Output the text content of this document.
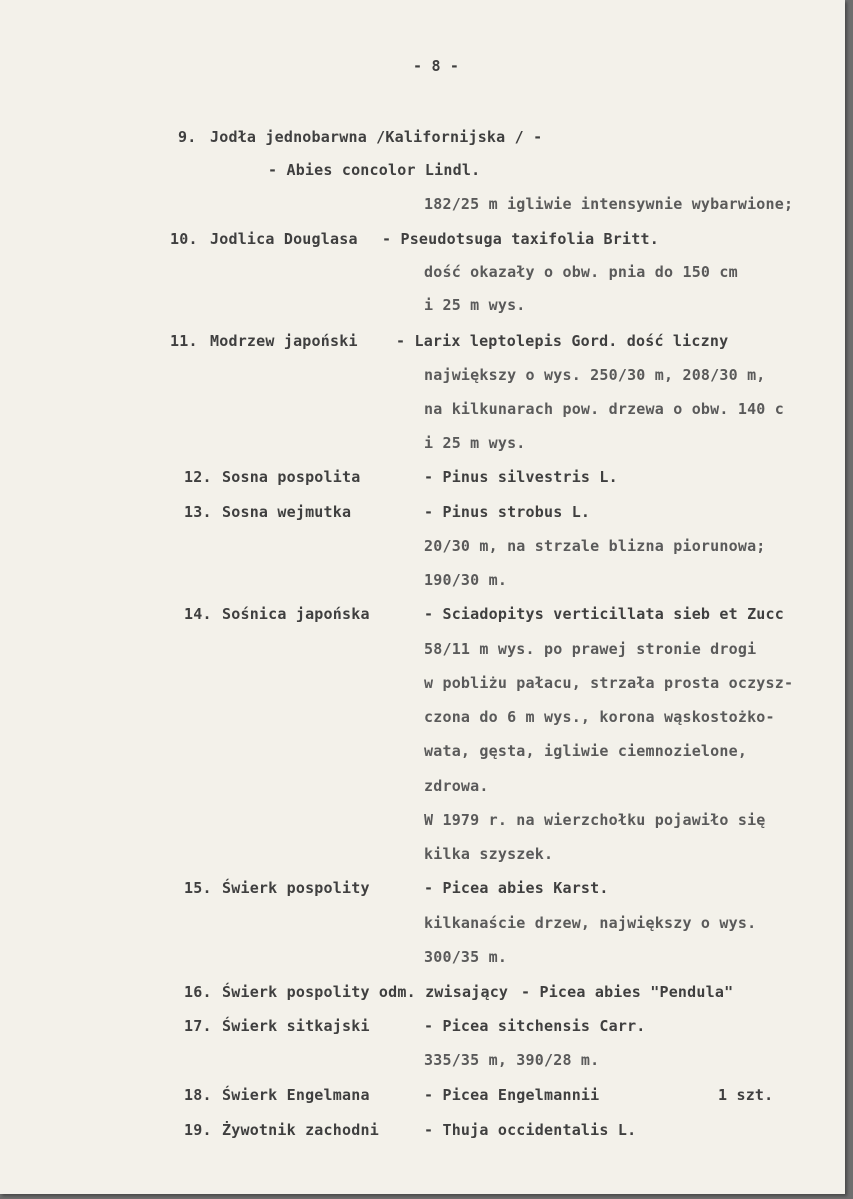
- 8 -
9. Jodła jednobarwna /Kalifornijska / -
- Abies concolor Lindl.
182/25 m igliwie intensywnie wybarwione;
10. Jodlica Douglasa - Pseudotsuga taxifolia Britt.
dość okazały o obw. pnia do 150 cm
i 25 m wys.
11. Modrzew japoński	- Larix leptolepis Gord. dość liczny
największy o wys. 250/30 m, 208/30 m,
na kilkunarach pow. drzewa o obw. 140 c
i 25 m wys.
12. Sosna pospolita	- Pinus silvestris L.
13. Sosna wejmutka	- Pinus strobus L.
20/30 m, na strzale blizna piorunowa;
190/30 m.
14. Sośnica japońska	- Sciadopitys verticillata sieb et Zucc
58/11 m wys. po prawej stronie drogi
w pobliżu pałacu, strzała prosta oczysz-
czona do 6 m wys., korona wąskostożko-
wata, gęsta, igliwie ciemnozielone,
zdrowa.
W 1979 r. na wierzchołku pojawiło się
kilka szyszek.
15. Świerk pospolity	- Picea abies Karst.
kilkanaście drzew, największy o wys.
300/35 m.
16. Świerk pospolity odm. zwisający - Picea abies "Pendula"
17. Świerk sitkajski	- Picea sitchensis Carr.
335/35 m, 390/28 m.
18. Świerk Engelmana	- Picea Engelmannii	1 szt.
19. Żywotnik zachodni	- Thuja occidentalis L.
